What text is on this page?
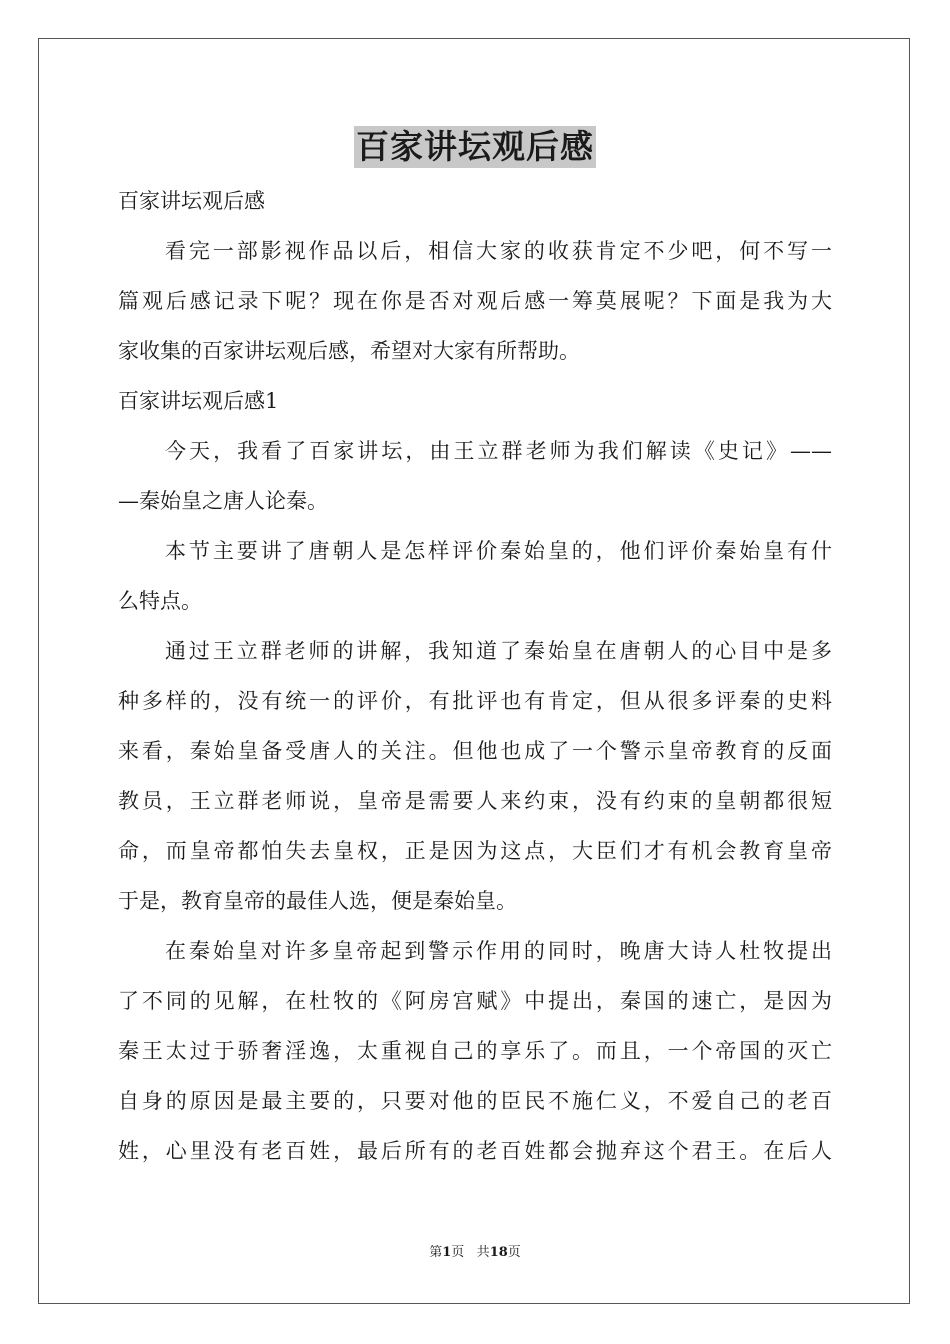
百家讲坛观后感
百家讲坛观后感
看完一部影视作品以后，相信大家的收获肯定不少吧，何不写一
篇观后感记录下呢？现在你是否对观后感一筹莫展呢？下面是我为大
家收集的百家讲坛观后感，希望对大家有所帮助。
百家讲坛观后感1
今天，我看了百家讲坛，由王立群老师为我们解读《史记》——
—秦始皇之唐人论秦。
本节主要讲了唐朝人是怎样评价秦始皇的，他们评价秦始皇有什
么特点。
通过王立群老师的讲解，我知道了秦始皇在唐朝人的心目中是多
种多样的，没有统一的评价，有批评也有肯定，但从很多评秦的史料
来看，秦始皇备受唐人的关注。但他也成了一个警示皇帝教育的反面
教员，王立群老师说，皇帝是需要人来约束，没有约束的皇朝都很短
命，而皇帝都怕失去皇权，正是因为这点，大臣们才有机会教育皇帝
于是，教育皇帝的最佳人选，便是秦始皇。
在秦始皇对许多皇帝起到警示作用的同时，晚唐大诗人杜牧提出
了不同的见解，在杜牧的《阿房宫赋》中提出，秦国的速亡，是因为
秦王太过于骄奢淫逸，太重视自己的享乐了。而且，一个帝国的灭亡
自身的原因是最主要的，只要对他的臣民不施仁义，不爱自己的老百
姓，心里没有老百姓，最后所有的老百姓都会抛弃这个君王。在后人
第1页 共18页
